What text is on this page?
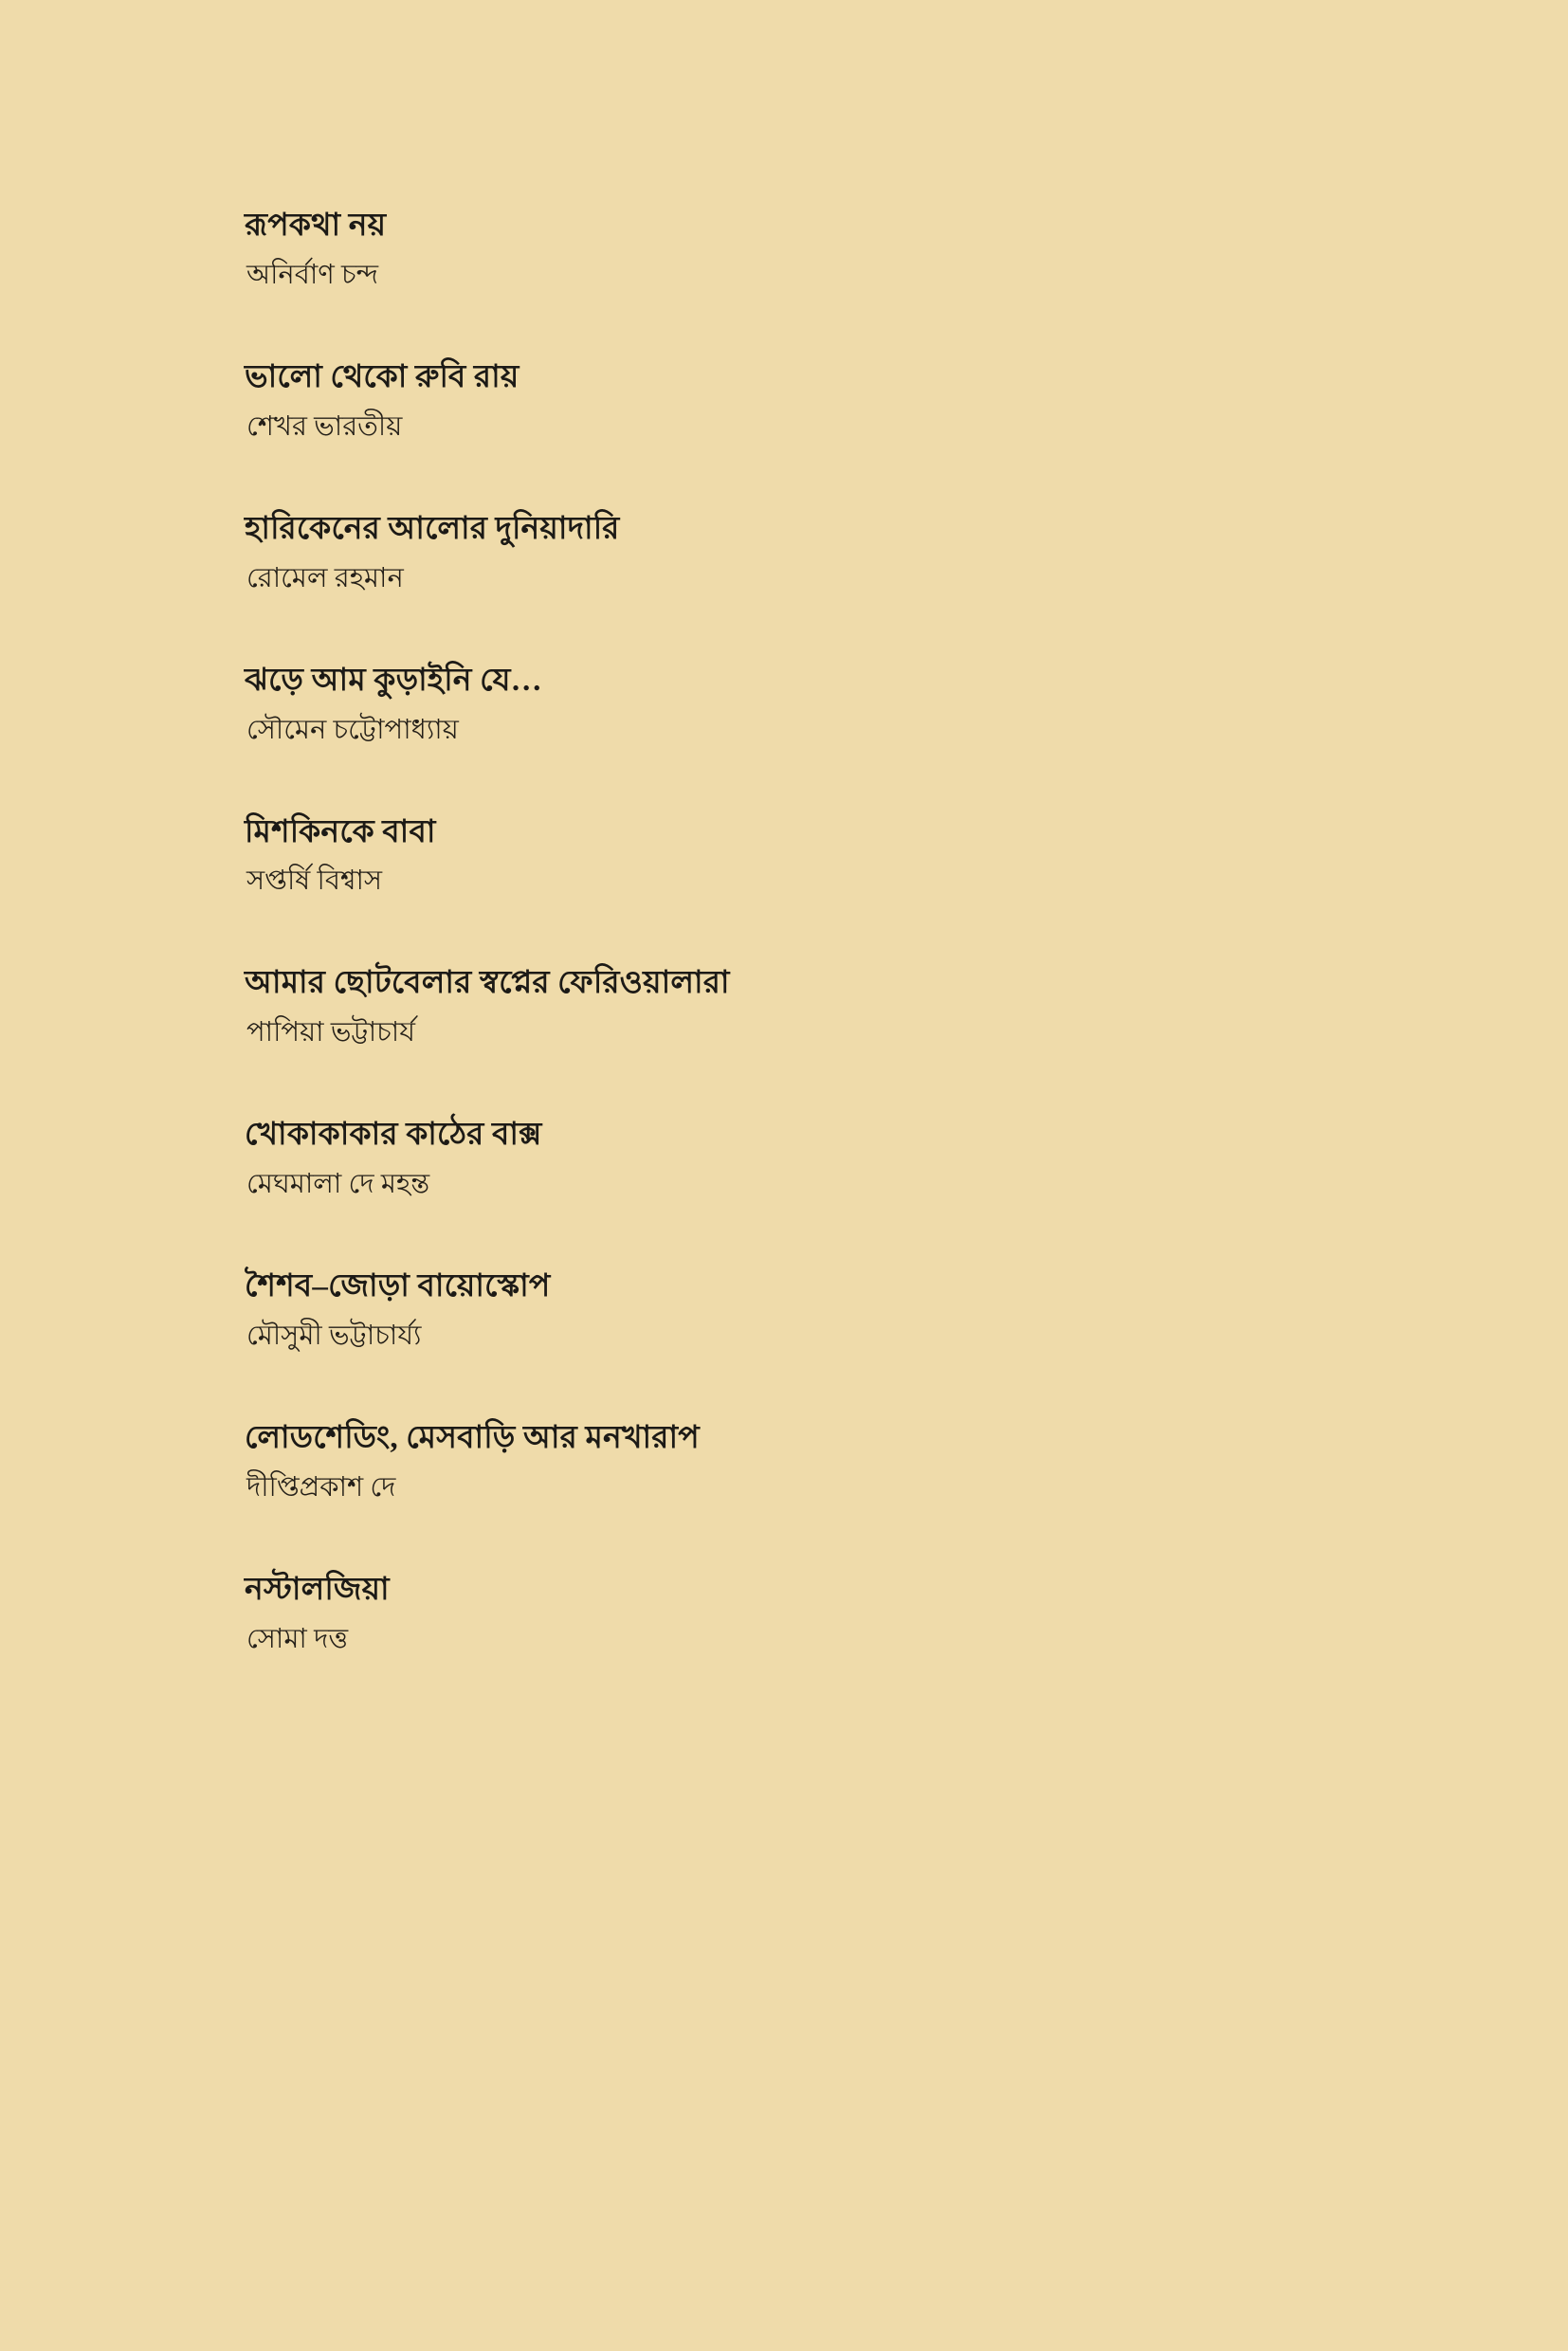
রূপকথা নয়
অনির্বাণ চন্দ
ভালো থেকো রুবি রায়
শেখর ভারতীয়
হারিকেনের আলোর দুনিয়াদারি
রোমেল রহমান
ঝড়ে আম কুড়াইনি যে…
সৌমেন চট্টোপাধ্যায়
মিশকিনকে বাবা
সপ্তর্ষি বিশ্বাস
আমার ছোটবেলার স্বপ্নের ফেরিওয়ালারা
পাপিয়া ভট্টাচার্য
খোকাকাকার কাঠের বাক্স
মেঘমালা দে মহন্ত
শৈশব–জোড়া বায়োস্কোপ
মৌসুমী ভট্টাচার্য্য
লোডশেডিং, মেসবাড়ি আর মনখারাপ
দীপ্তিপ্রকাশ দে
নস্টালজিয়া
সোমা দত্ত
